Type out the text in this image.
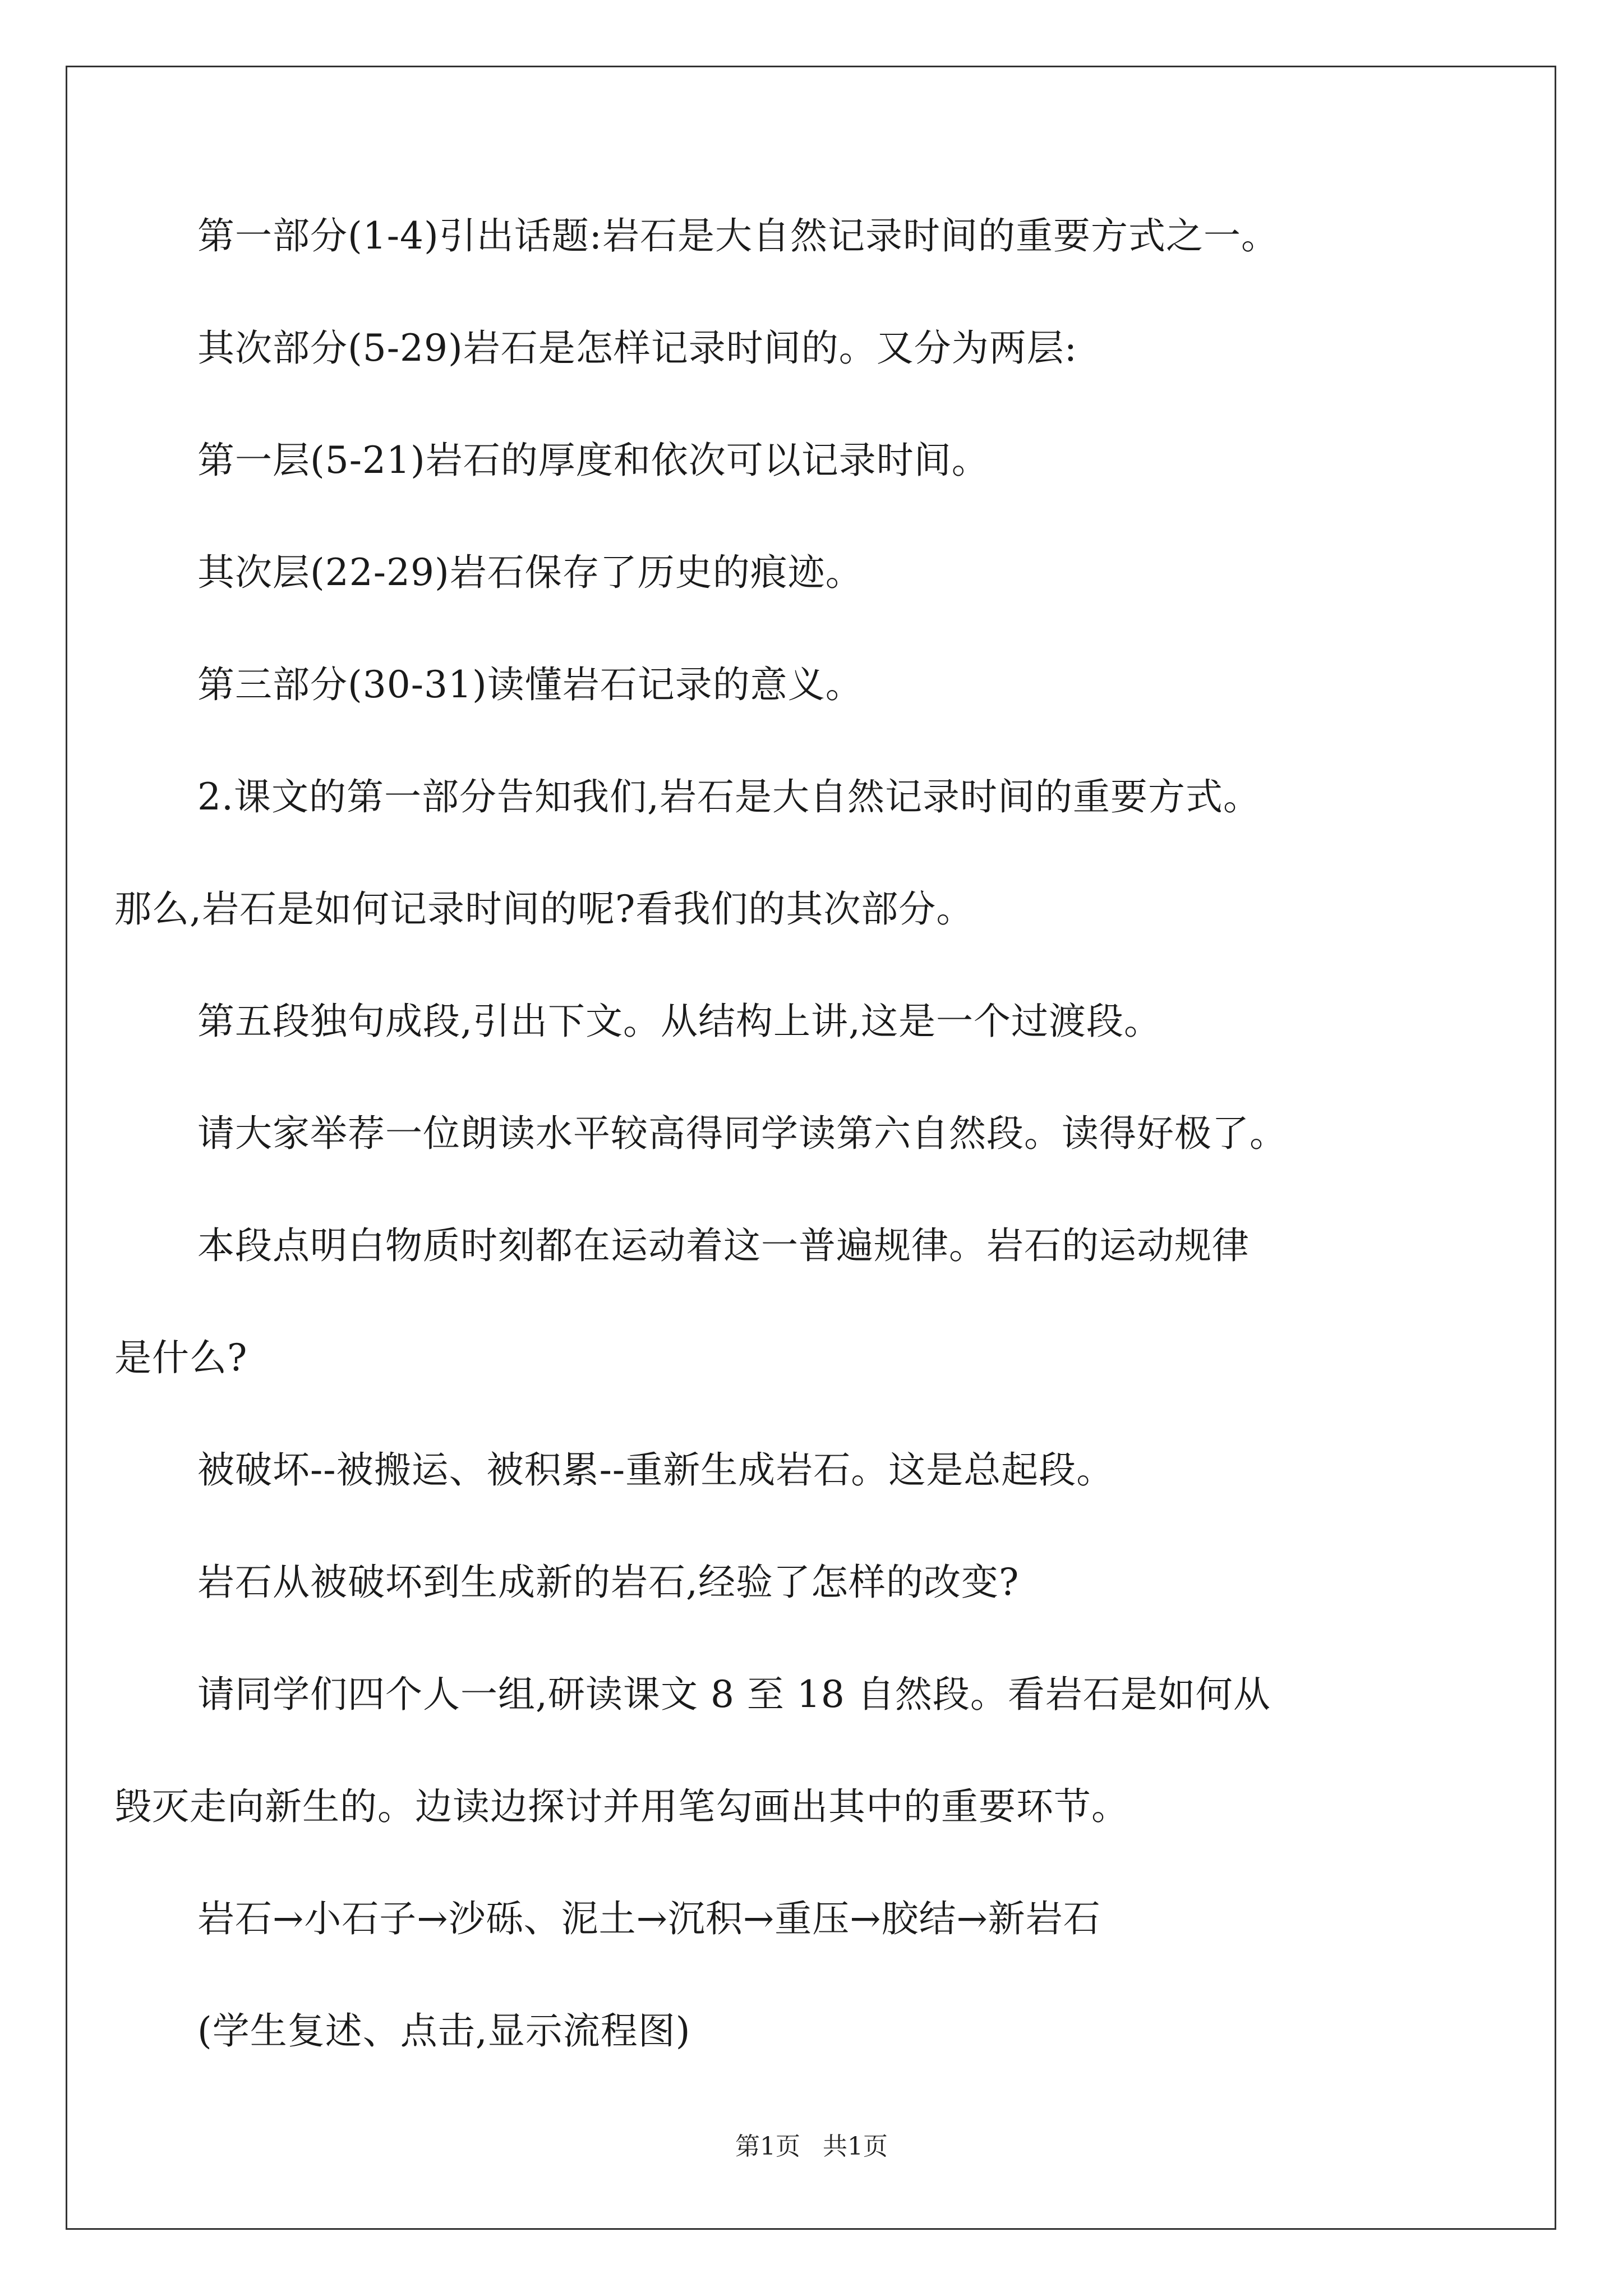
第一部分(1-4)引出话题:岩石是大自然记录时间的重要方式之一。

其次部分(5-29)岩石是怎样记录时间的。又分为两层:

第一层(5-21)岩石的厚度和依次可以记录时间。

其次层(22-29)岩石保存了历史的痕迹。

第三部分(30-31)读懂岩石记录的意义。

2.课文的第一部分告知我们,岩石是大自然记录时间的重要方式。
那么,岩石是如何记录时间的呢?看我们的其次部分。

第五段独句成段,引出下文。从结构上讲,这是一个过渡段。

请大家举荐一位朗读水平较高得同学读第六自然段。读得好极了。

本段点明白物质时刻都在运动着这一普遍规律。岩石的运动规律
是什么?

被破坏--被搬运、被积累--重新生成岩石。这是总起段。

岩石从被破坏到生成新的岩石,经验了怎样的改变?

请同学们四个人一组,研读课文 8 至 18 自然段。看岩石是如何从
毁灭走向新生的。边读边探讨并用笔勾画出其中的重要环节。

岩石→小石子→沙砾、泥土→沉积→重压→胶结→新岩石

(学生复述、点击,显示流程图)

第1页 共1页
